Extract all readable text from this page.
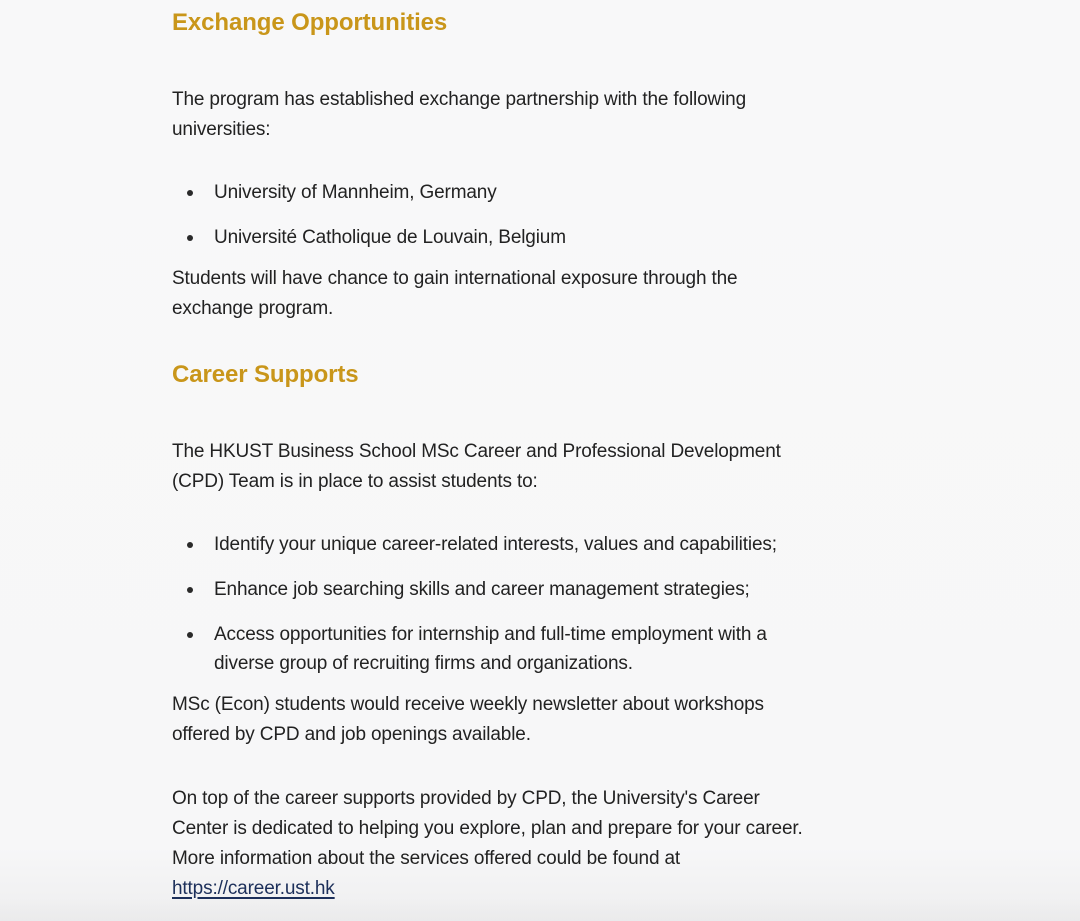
Exchange Opportunities

The program has established exchange partnership with the following universities:

University of Mannheim, Germany
Université Catholique de Louvain, Belgium

Students will have chance to gain international exposure through the exchange program.

Career Supports

The HKUST Business School MSc Career and Professional Development (CPD) Team is in place to assist students to:

Identify your unique career-related interests, values and capabilities;
Enhance job searching skills and career management strategies;
Access opportunities for internship and full-time employment with a diverse group of recruiting firms and organizations.

MSc (Econ) students would receive weekly newsletter about workshops offered by CPD and job openings available.

On top of the career supports provided by CPD, the University's Career Center is dedicated to helping you explore, plan and prepare for your career. More information about the services offered could be found at
https://career.ust.hk
